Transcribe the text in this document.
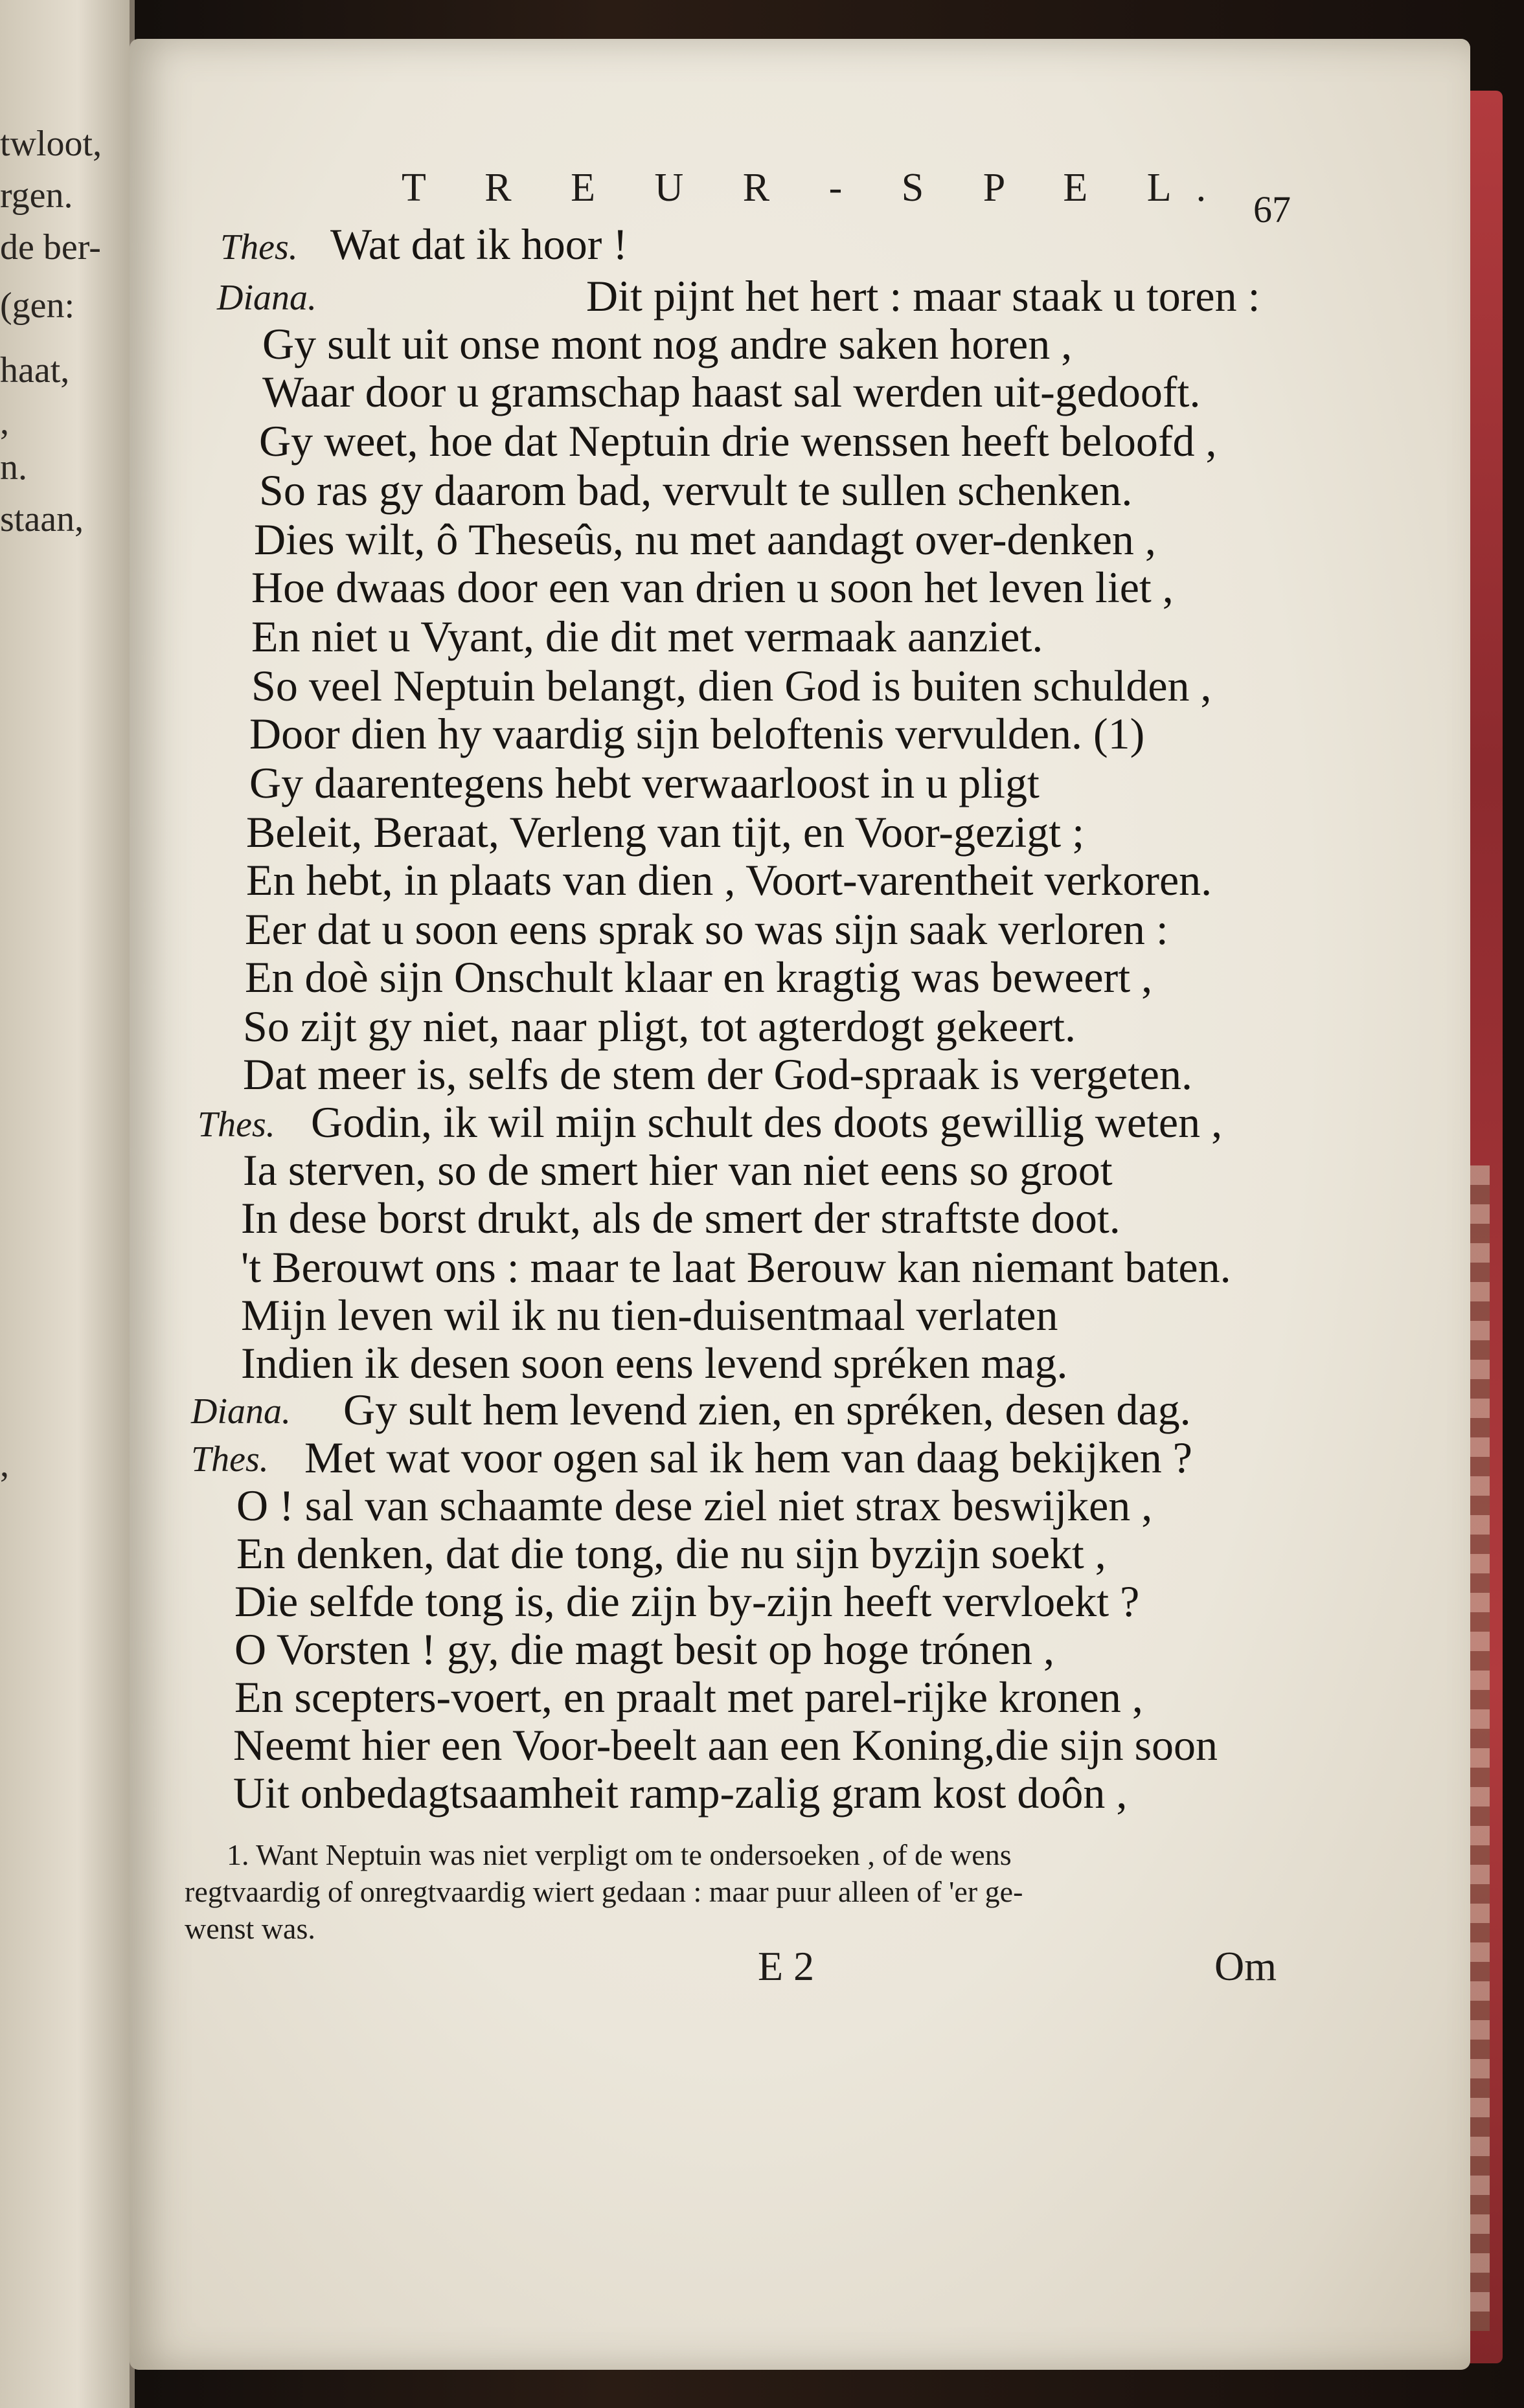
twloot,
rgen.
de ber-
(gen:
haat,
,
n.
staan,
,
T R E U R - S P E L. 67
Thes. Wat dat ik hoor !
Diana.	Dit pijnt het hert : maar staak u toren :
Gy sult uit onse mont nog andre saken horen ,
Waar door u gramschap haast sal werden uit-gedooft.
Gy weet, hoe dat Neptuin drie wenssen heeft beloofd ,
So ras gy daarom bad, vervult te sullen schenken.
Dies wilt, ô Theseûs, nu met aandagt over-denken ,
Hoe dwaas door een van drien u soon het leven liet ,
En niet u Vyant, die dit met vermaak aanziet.
So veel Neptuin belangt, dien God is buiten schulden ,
Door dien hy vaardig sijn beloftenis vervulden. (1)
Gy daarentegens hebt verwaarloost in u pligt
Beleit, Beraat, Verleng van tijt, en Voor-gezigt ;
En hebt, in plaats van dien , Voort-varentheit verkoren.
Eer dat u soon eens sprak so was sijn saak verloren :
En doè sijn Onschult klaar en kragtig was beweert ,
So zijt gy niet, naar pligt, tot agterdogt gekeert.
Dat meer is, selfs de stem der God-spraak is vergeten.
Thes. Godin, ik wil mijn schult des doots gewillig weten ,
Ia sterven, so de smert hier van niet eens so groot
In dese borst drukt, als de smert der straftste doot.
't Berouwt ons : maar te laat Berouw kan niemant baten.
Mijn leven wil ik nu tien-duisentmaal verlaten
Indien ik desen soon eens levend spréken mag.
Diana. Gy sult hem levend zien, en spréken, desen dag.
Thes. Met wat voor ogen sal ik hem van daag bekijken ?
O ! sal van schaamte dese ziel niet strax beswijken ,
En denken, dat die tong, die nu sijn byzijn soekt ,
Die selfde tong is, die zijn by-zijn heeft vervloekt ?
O Vorsten ! gy, die magt besit op hoge trónen ,
En scepters-voert, en praalt met parel-rijke kronen ,
Neemt hier een Voor-beelt aan een Koning,die sijn soon
Uit onbedagtsaamheit ramp-zalig gram kost doôn ,
1. Want Neptuin was niet verpligt om te ondersoeken , of de wens
regtvaardig of onregtvaardig wiert gedaan : maar puur alleen of 'er ge-
wenst was.
E 2	Om
